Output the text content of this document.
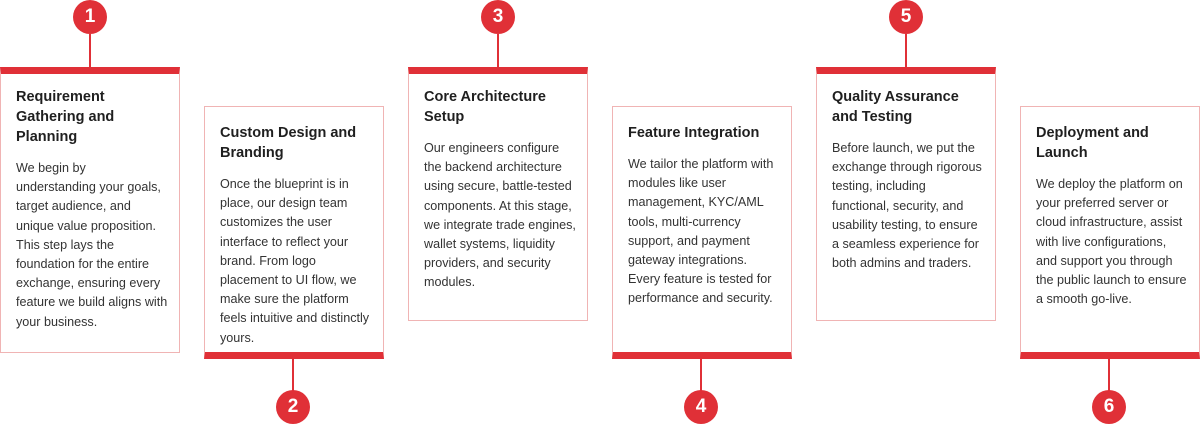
1
Requirement Gathering and Planning

We begin by understanding your goals, target audience, and unique value proposition. This step lays the foundation for the entire exchange, ensuring every feature we build aligns with your business.

Custom Design and Branding

Once the blueprint is in place, our design team customizes the user interface to reflect your brand. From logo placement to UI flow, we make sure the platform feels intuitive and distinctly yours.

2
3
Core Architecture Setup

Our engineers configure the backend architecture using secure, battle-tested components. At this stage, we integrate trade engines, wallet systems, liquidity providers, and security modules.

Feature Integration

We tailor the platform with modules like user management, KYC/AML tools, multi-currency support, and payment gateway integrations. Every feature is tested for performance and security.

4
5
Quality Assurance and Testing

Before launch, we put the exchange through rigorous testing, including functional, security, and usability testing, to ensure a seamless experience for both admins and traders.

Deployment and Launch

We deploy the platform on your preferred server or cloud infrastructure, assist with live configurations, and support you through the public launch to ensure a smooth go-live.

6
